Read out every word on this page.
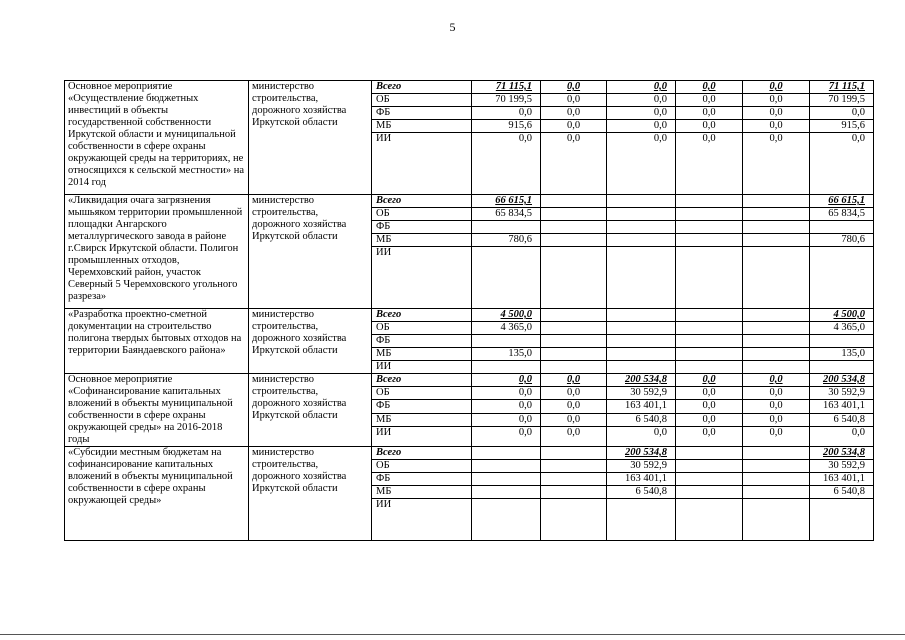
5
Основное мероприятие «Осуществление бюджетных инвестиций в объекты государственной собственности Иркутской области и муниципальной собственности в сфере охраны окружающей среды на территориях, не относящихся к сельской местности» на 2014 год	министерство строительства, дорожного хозяйства Иркутской области	Всего	71 115,1	0,0	0,0	0,0	0,0	71 115,1
		ОБ	70 199,5	0,0	0,0	0,0	0,0	70 199,5
		ФБ	0,0	0,0	0,0	0,0	0,0	0,0
		МБ	915,6	0,0	0,0	0,0	0,0	915,6
		ИИ	0,0	0,0	0,0	0,0	0,0	0,0
«Ликвидация очага загрязнения мышьяком территории промышленной площадки Ангарского металлургического завода в районе г.Свирск Иркутской области. Полигон промышленных отходов, Черемховский район, участок Северный 5 Черемховского угольного разреза»	министерство строительства, дорожного хозяйства Иркутской области	Всего	66 615,1					66 615,1
		ОБ	65 834,5					65 834,5
		ФБ						
		МБ	780,6					780,6
		ИИ						
«Разработка проектно-сметной документации на строительство полигона твердых бытовых отходов на территории Баяндаевского района»	министерство строительства, дорожного хозяйства Иркутской области	Всего	4 500,0					4 500,0
		ОБ	4 365,0					4 365,0
		ФБ						
		МБ	135,0					135,0
		ИИ						
Основное мероприятие «Софинансирование капитальных вложений в объекты муниципальной собственности в сфере охраны окружающей среды» на 2016-2018 годы	министерство строительства, дорожного хозяйства Иркутской области	Всего	0,0	0,0	200 534,8	0,0	0,0	200 534,8
		ОБ	0,0	0,0	30 592,9	0,0	0,0	30 592,9
		ФБ	0,0	0,0	163 401,1	0,0	0,0	163 401,1
		МБ	0,0	0,0	6 540,8	0,0	0,0	6 540,8
		ИИ	0,0	0,0	0,0	0,0	0,0	0,0
«Субсидии местным бюджетам на софинансирование капитальных вложений в объекты муниципальной собственности в сфере охраны окружающей среды»	министерство строительства, дорожного хозяйства Иркутской области	Всего			200 534,8			200 534,8
		ОБ			30 592,9			30 592,9
		ФБ			163 401,1			163 401,1
		МБ			6 540,8			6 540,8
		ИИ						
